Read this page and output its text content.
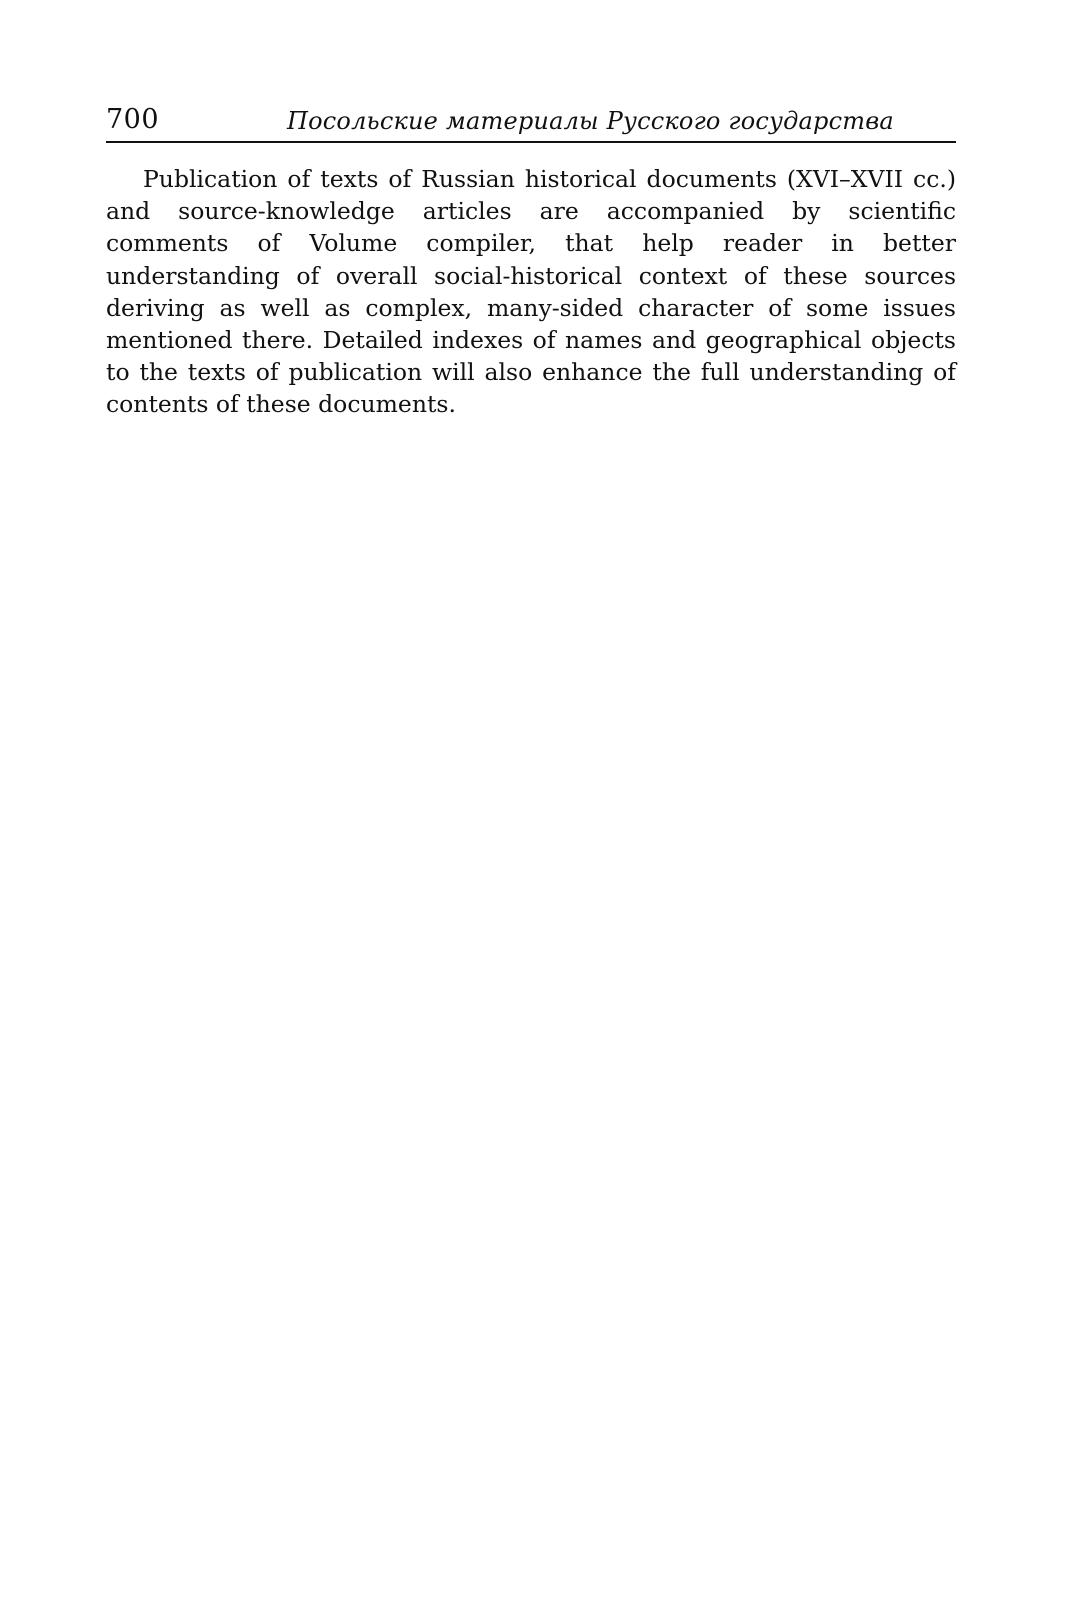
700	Посольские материалы Русского государства

Publication of texts of Russian historical documents (XVI–XVII cc.) and source-knowledge articles are accompanied by scientific comments of Volume compiler, that help reader in better understanding of overall social-historical context of these sources deriving as well as complex, many-sided character of some issues mentioned there. Detailed indexes of names and geographical objects to the texts of publication will also enhance the full understanding of contents of these documents.
